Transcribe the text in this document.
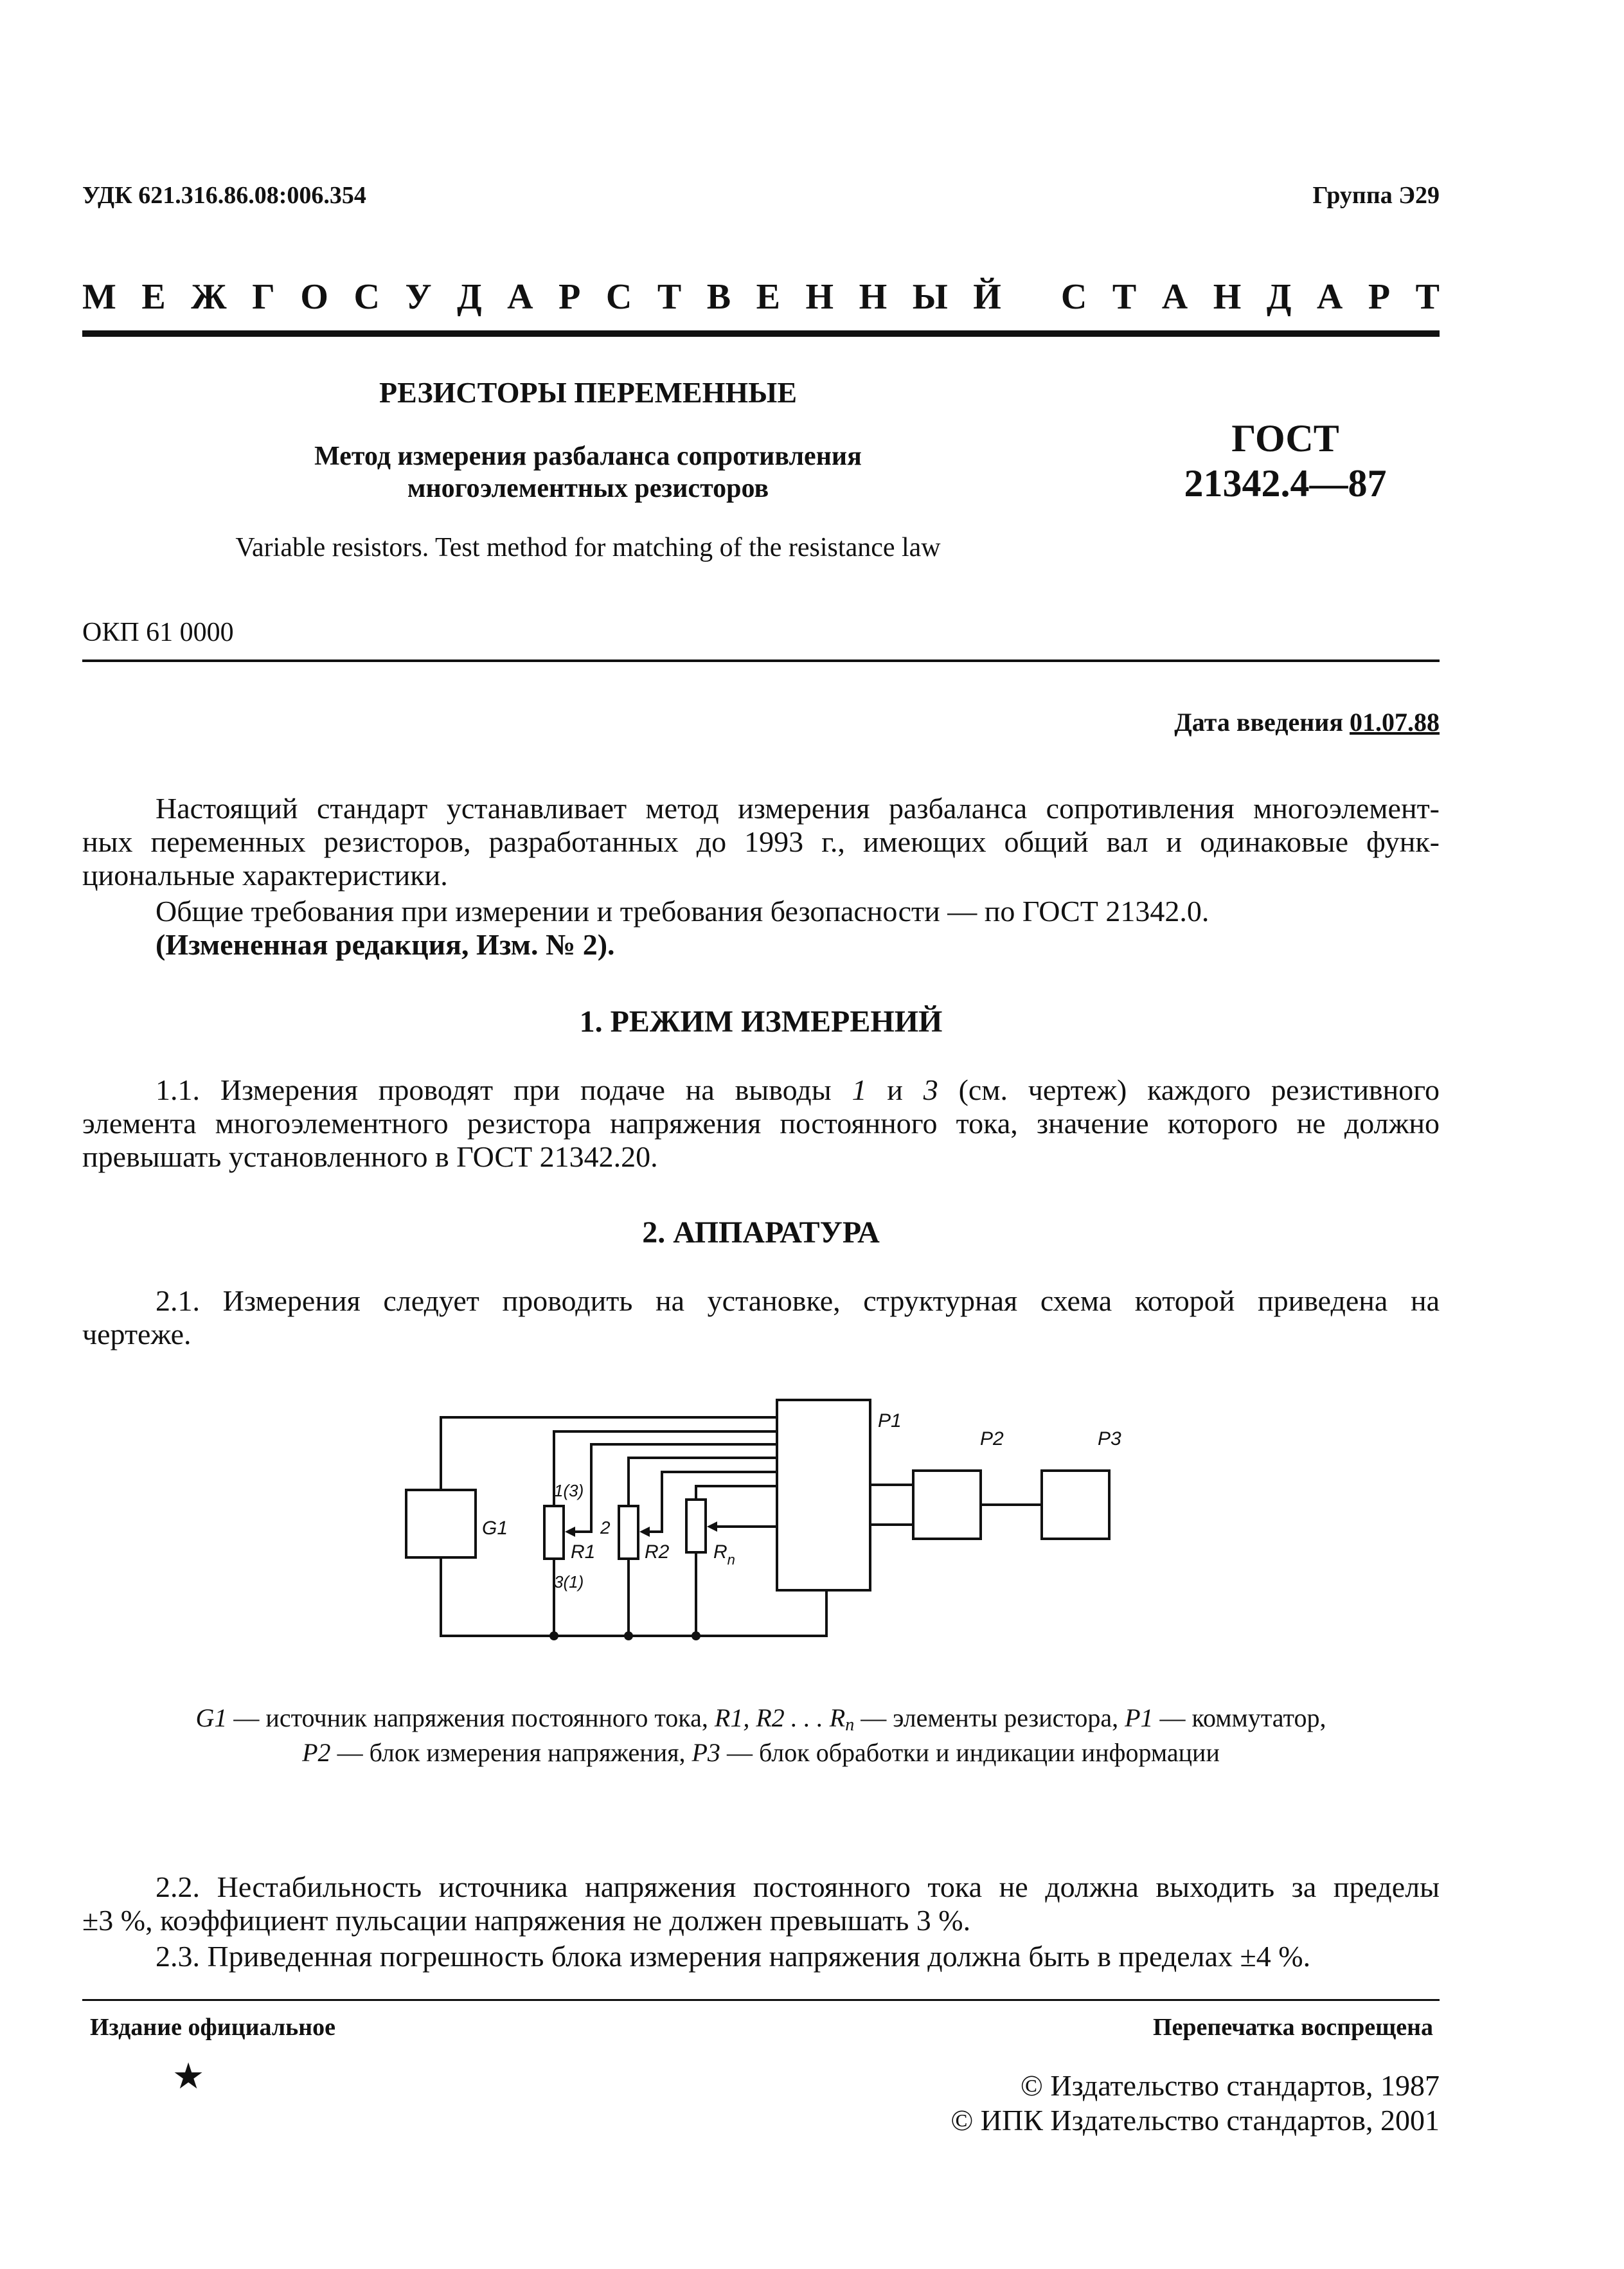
УДК 621.316.86.08:006.354	Группа Э29
М Е Ж Г О С У Д А Р С Т В Е Н Н Ы Й
С Т А Н Д А Р Т
РЕЗИСТОРЫ ПЕРЕМЕННЫЕ
Метод измерения разбаланса сопротивления
многоэлементных резисторов
Variable resistors. Test method for matching of the resistance law
ГОСТ
21342.4—87
ОКП 61 0000
Дата введения 01.07.88
Настоящий стандарт устанавливает метод измерения разбаланса сопротивления многоэлемент-
ных переменных резисторов, разработанных до 1993 г., имеющих общий вал и одинаковые функ-
циональные характеристики.
Общие требования при измерении и требования безопасности — по ГОСТ 21342.0.
(Измененная редакция, Изм. № 2).
1. РЕЖИМ ИЗМЕРЕНИЙ
1.1. Измерения проводят при подаче на выводы 1 и 3 (см. чертеж) каждого резистивного
элемента многоэлементного резистора напряжения постоянного тока, значение которого не должно
превышать установленного в ГОСТ 21342.20.
2. АППАРАТУРА
2.1. Измерения следует проводить на установке, структурная схема которой приведена на
чертеже.
G1
P1
P2	P3
R1	R2 $R_n$
1(3)
3(1)
2
G1 — источник напряжения постоянного тока, R1, R2 . . . Rn — элементы резистора, P1 — коммутатор,
P2 — блок измерения напряжения, P3 — блок обработки и индикации информации
2.2. Нестабильность источника напряжения постоянного тока не должна выходить за пределы
±3 %, коэффициент пульсации напряжения не должен превышать 3 %.
2.3. Приведенная погрешность блока измерения напряжения должна быть в пределах ±4 %.
Издание официальное	Перепечатка воспрещена
★	© Издательство стандартов, 1987
© ИПК Издательство стандартов, 2001
